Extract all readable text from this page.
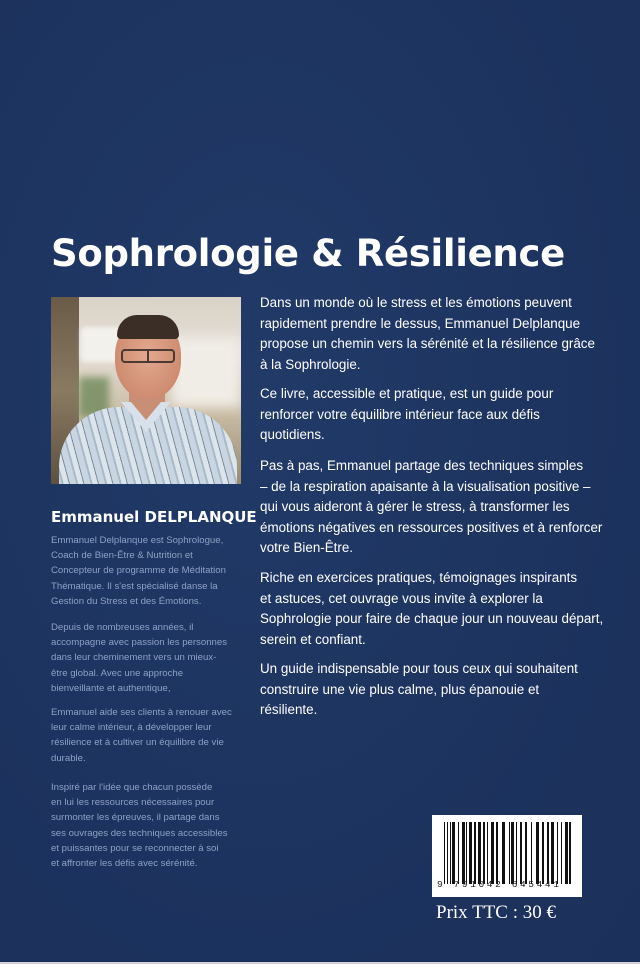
Sophrologie & Résilience
Emmanuel DELPLANQUE
Emmanuel Delplanque est Sophrologue,
Coach de Bien-Être & Nutrition et
Concepteur de programme de Méditation
Thématique. Il s'est spécialisé danse la
Gestion du Stress et des Émotions.
Depuis de nombreuses années, il
accompagne avec passion les personnes
dans leur cheminement vers un mieux-
être global. Avec une approche
bienveillante et authentique,
Emmanuel aide ses clients à renouer avec
leur calme intérieur, à développer leur
résilience et à cultiver un équilibre de vie
durable.
Inspiré par l'idée que chacun possède
en lui les ressources nécessaires pour
surmonter les épreuves, il partage dans
ses ouvrages des techniques accessibles
et puissantes pour se reconnecter à soi
et affronter les défis avec sérénité.
Dans un monde où le stress et les émotions peuvent
rapidement prendre le dessus, Emmanuel Delplanque
propose un chemin vers la sérénité et la résilience grâce
à la Sophrologie.
Ce livre, accessible et pratique, est un guide pour
renforcer votre équilibre intérieur face aux défis
quotidiens.
Pas à pas, Emmanuel partage des techniques simples
– de la respiration apaisante à la visualisation positive –
qui vous aideront à gérer le stress, à transformer les
émotions négatives en ressources positives et à renforcer
votre Bien-Être.
Riche en exercices pratiques, témoignages inspirants
et astuces, cet ouvrage vous invite à explorer la
Sophrologie pour faire de chaque jour un nouveau départ,
serein et confiant.
Un guide indispensable pour tous ceux qui souhaitent
construire une vie plus calme, plus épanouie et
résiliente.
9 791042 645441
Prix TTC : 30 €
